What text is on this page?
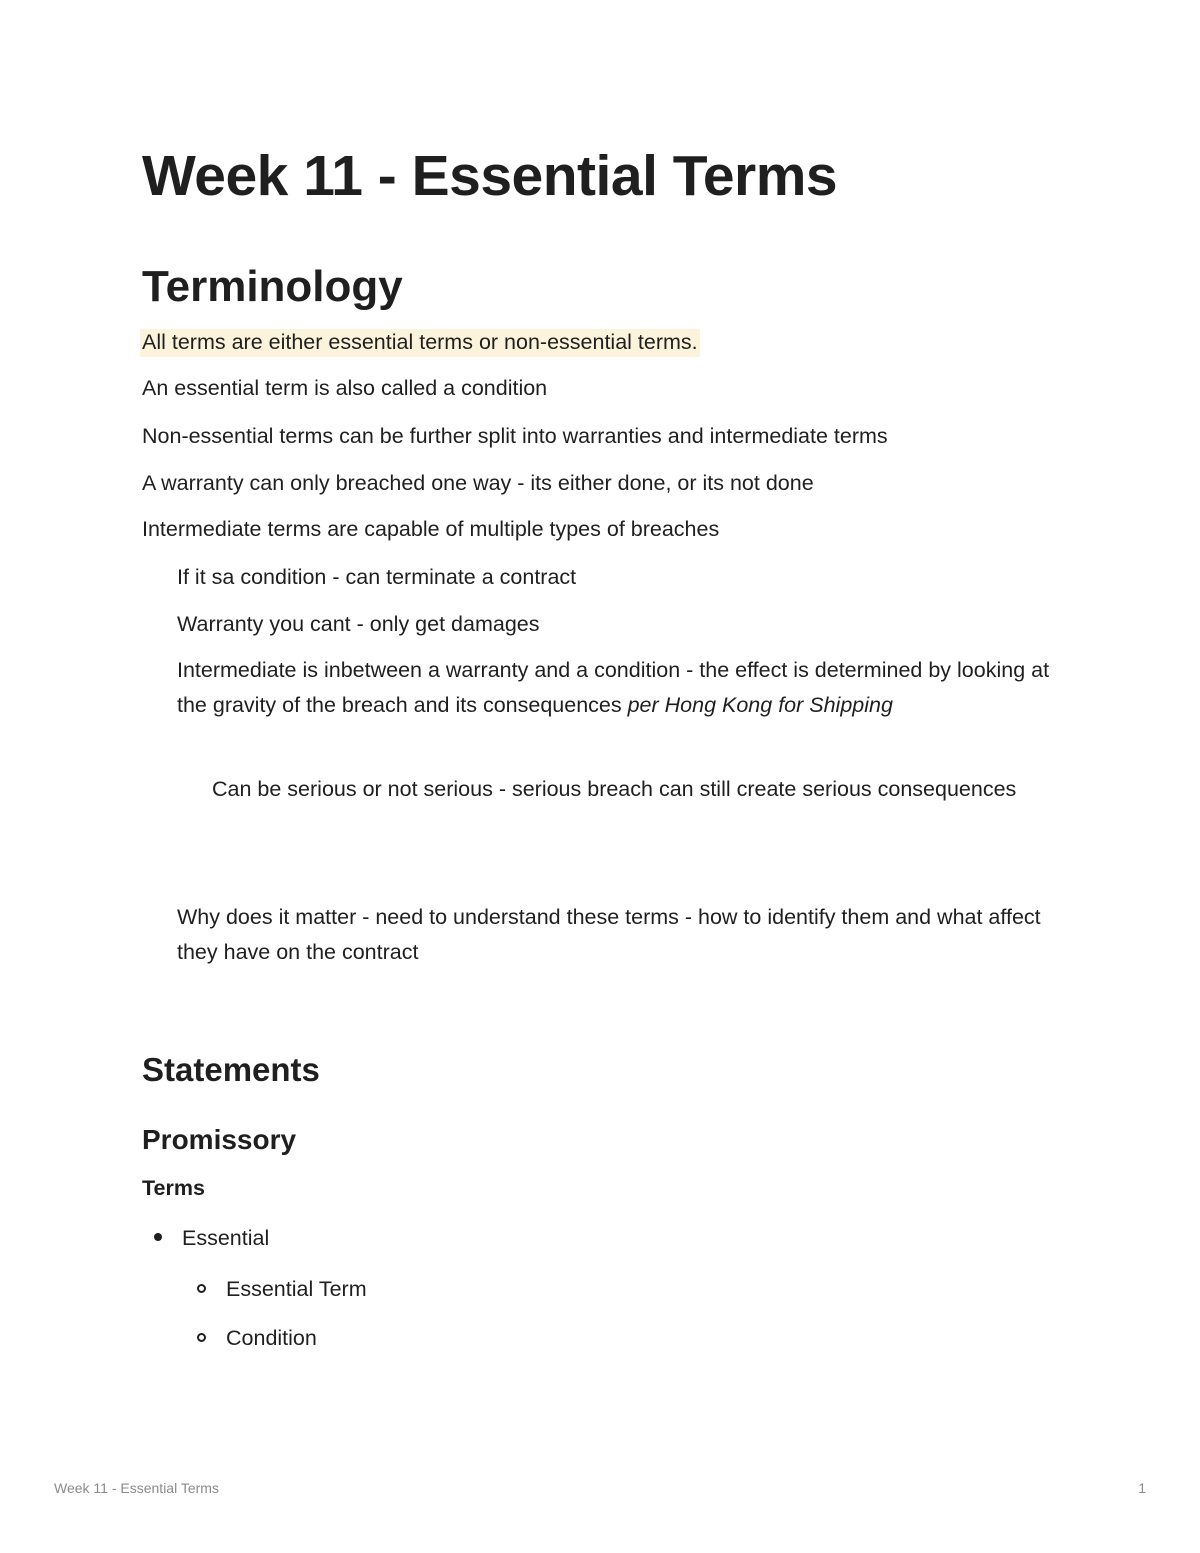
Week 11 - Essential Terms
Terminology

All terms are either essential terms or non-essential terms.

An essential term is also called a condition

Non-essential terms can be further split into warranties and intermediate terms

A warranty can only breached one way - its either done, or its not done

Intermediate terms are capable of multiple types of breaches

If it sa condition - can terminate a contract

Warranty you cant - only get damages

Intermediate is inbetween a warranty and a condition - the effect is determined by looking at the gravity of the breach and its consequences per Hong Kong for Shipping

Can be serious or not serious - serious breach can still create serious consequences

Why does it matter - need to understand these terms - how to identify them and what affect they have on the contract

Statements
Promissory
Terms
Essential
Essential Term
Condition
Week 11 - Essential Terms	1
